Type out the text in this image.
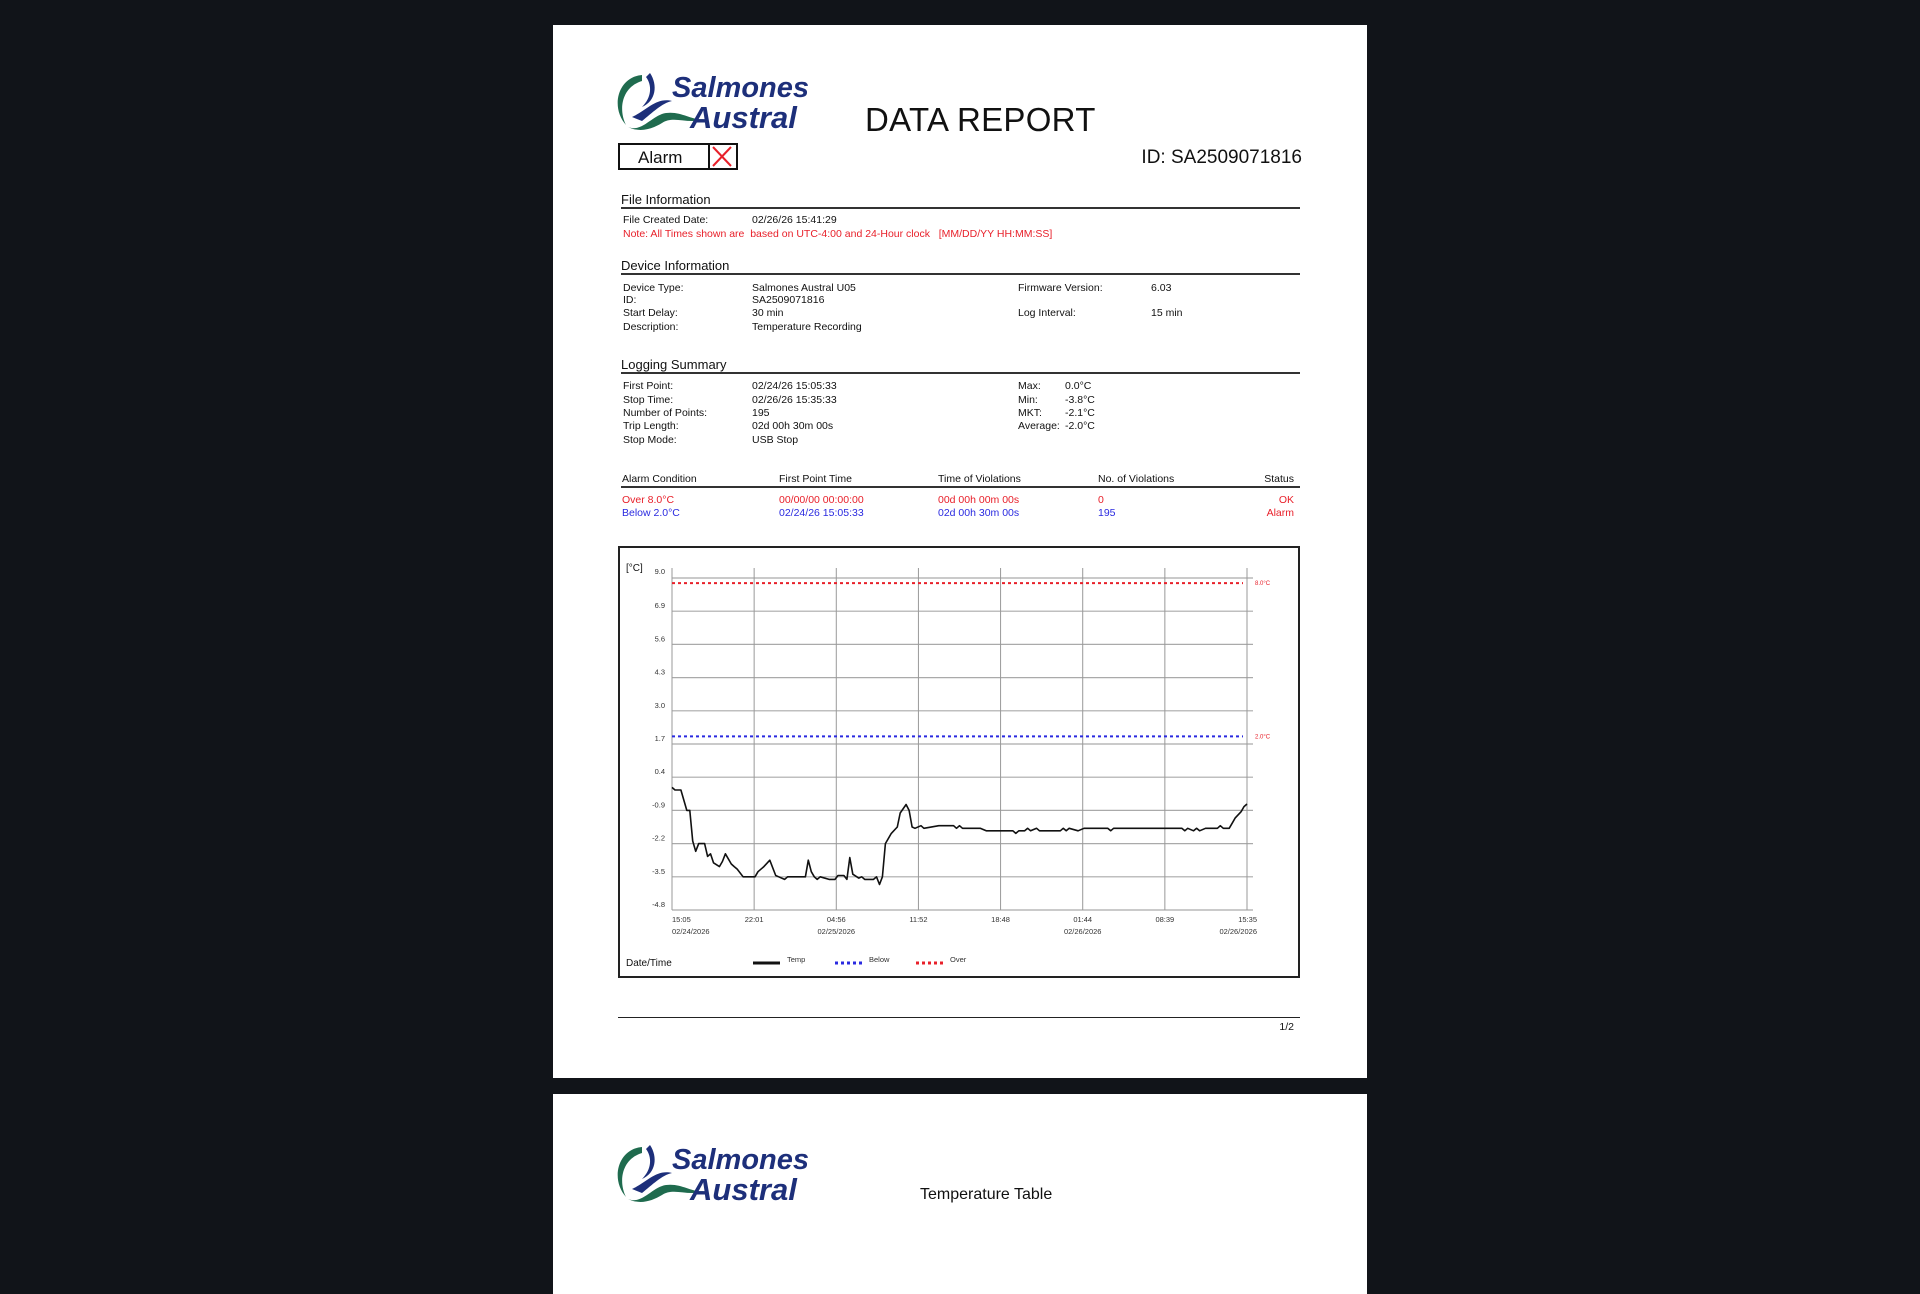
Salmones
Austral DATA REPORT
Alarm	ID: SA2509071816
File Information
File Created Date:	02/26/26 15:41:29
Note: All Times shown are  based on UTC-4:00 and 24-Hour clock   [MM/DD/YY HH:MM:SS]
Device Information
Logging Summary
9.0
6.9
5.6
4.3
3.0
1.7
0.4
-0.9
-2.2
-3.5
-4.8
15:05
02/24/2026
22:01	04:56
02/25/2026
11:52	18:48	01:44
02/26/2026
08:39	15:35
02/26/2026
[°C]
8.0°C
2.0°C
Date/Time	Temp	Below	Over
1/2
Device Type:	Salmones Austral U05
ID:	SA2509071816
Start Delay:	30 min
Description:	Temperature Recording
Firmware Version:	6.03
Log Interval:	15 min
First Point:	02/24/26 15:05:33
Stop Time:	02/26/26 15:35:33
Number of Points:	195
Trip Length:	02d 00h 30m 00s
Stop Mode:	USB Stop
Max: 0.0°C
Min:	-3.8°C
MKT: -2.1°C
Average: -2.0°C
Alarm Condition	First Point Time	Time of Violations	No. of Violations	Status
Over 8.0°C	00/00/00 00:00:00	00d 00h 00m 00s	0	OK
Below 2.0°C	02/24/26 15:05:33	02d 00h 30m 00s	195	Alarm
Salmones
Austral	Temperature Table
